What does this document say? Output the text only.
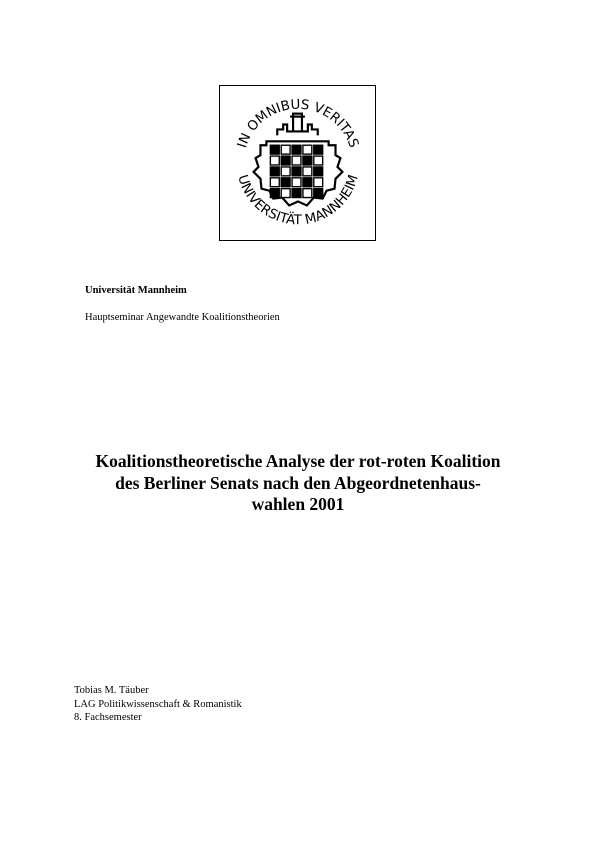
IN OMNIBUS VERITAS
UNIVERSITÄT MANNHEIM
Universität Mannheim
Hauptseminar Angewandte Koalitionstheorien
Koalitionstheoretische Analyse der rot-roten Koalition
des Berliner Senats nach den Abgeordnetenhaus-
wahlen 2001
Tobias M. Täuber
LAG Politikwissenschaft & Romanistik
8. Fachsemester
